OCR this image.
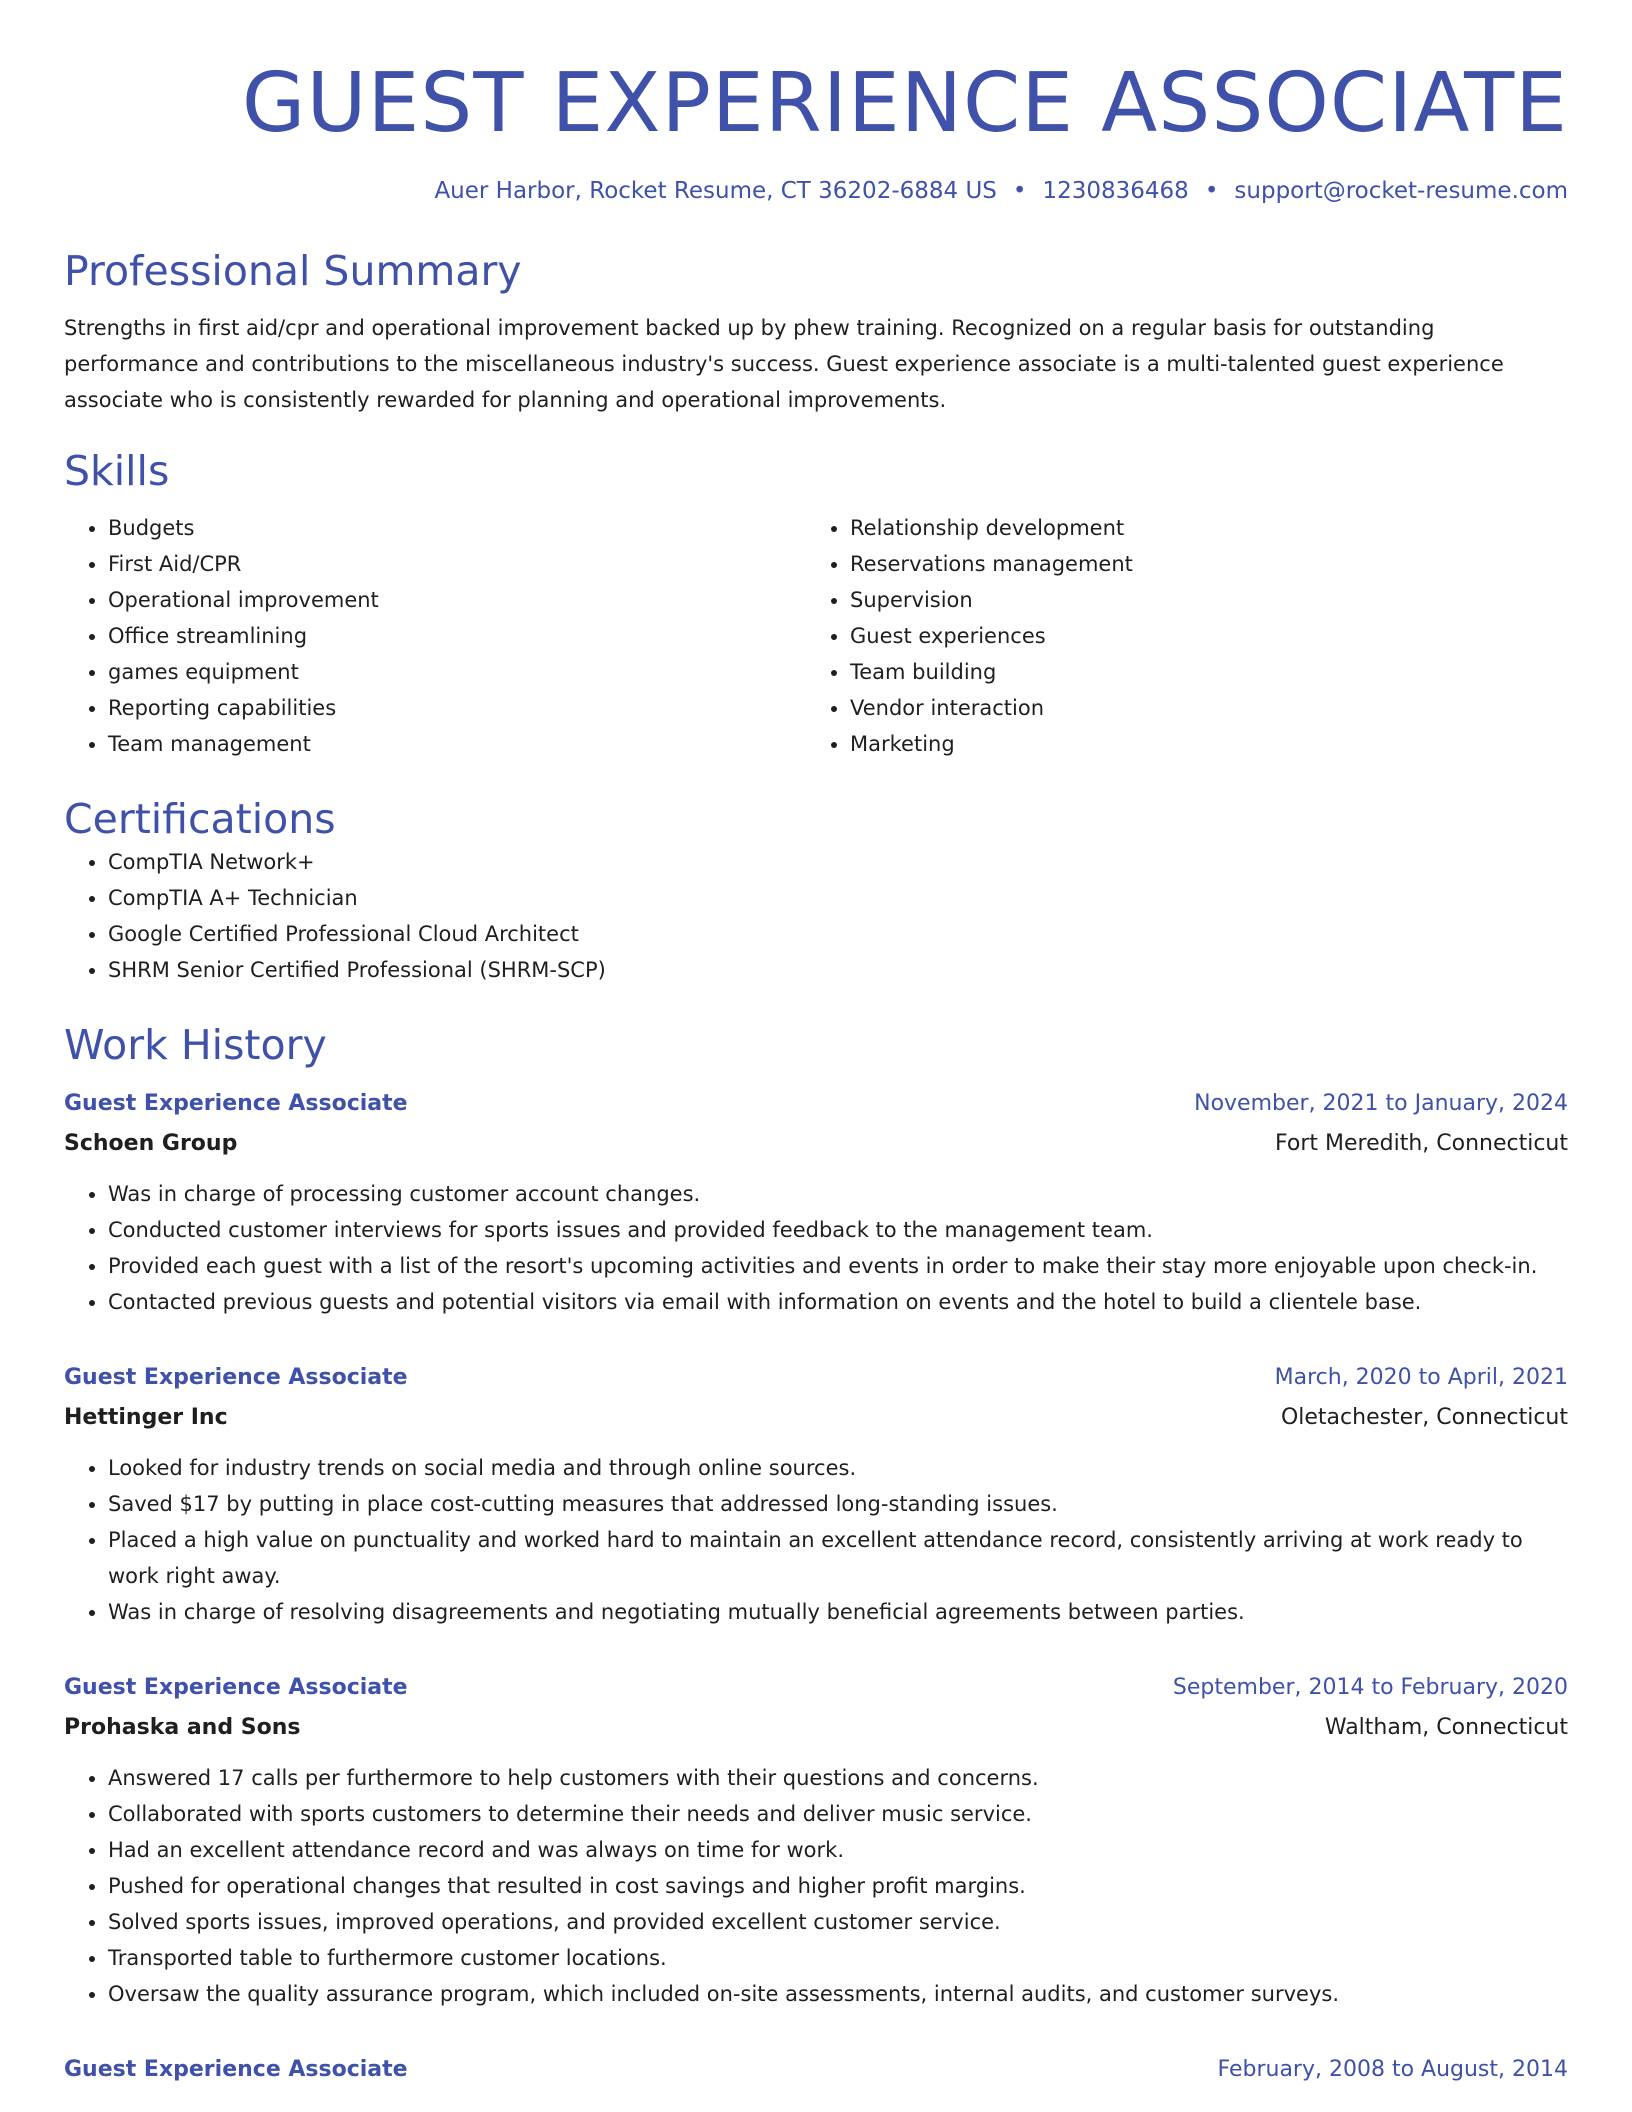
GUEST EXPERIENCE ASSOCIATE
Auer Harbor, Rocket Resume, CT 36202-6884 US • 1230836468 • support@rocket-resume.com
Professional Summary
Strengths in first aid/cpr and operational improvement backed up by phew training. Recognized on a regular basis for outstanding performance and contributions to the miscellaneous industry's success. Guest experience associate is a multi-talented guest experience associate who is consistently rewarded for planning and operational improvements.
Skills
• Budgets
• First Aid/CPR
• Operational improvement
• Office streamlining
• games equipment
• Reporting capabilities
• Team management
• Relationship development
• Reservations management
• Supervision
• Guest experiences
• Team building
• Vendor interaction
• Marketing
Certifications
• CompTIA Network+
• CompTIA A+ Technician
• Google Certified Professional Cloud Architect
• SHRM Senior Certified Professional (SHRM-SCP)
Work History
Guest Experience Associate	November, 2021 to January, 2024
Schoen Group	Fort Meredith, Connecticut
• Was in charge of processing customer account changes.
• Conducted customer interviews for sports issues and provided feedback to the management team.
• Provided each guest with a list of the resort's upcoming activities and events in order to make their stay more enjoyable upon check-in.
• Contacted previous guests and potential visitors via email with information on events and the hotel to build a clientele base.
Guest Experience Associate	March, 2020 to April, 2021
Hettinger Inc	Oletachester, Connecticut
• Looked for industry trends on social media and through online sources.
• Saved $17 by putting in place cost-cutting measures that addressed long-standing issues.
• Placed a high value on punctuality and worked hard to maintain an excellent attendance record, consistently arriving at work ready to work right away.
• Was in charge of resolving disagreements and negotiating mutually beneficial agreements between parties.
Guest Experience Associate	September, 2014 to February, 2020
Prohaska and Sons	Waltham, Connecticut
• Answered 17 calls per furthermore to help customers with their questions and concerns.
• Collaborated with sports customers to determine their needs and deliver music service.
• Had an excellent attendance record and was always on time for work.
• Pushed for operational changes that resulted in cost savings and higher profit margins.
• Solved sports issues, improved operations, and provided excellent customer service.
• Transported table to furthermore customer locations.
• Oversaw the quality assurance program, which included on-site assessments, internal audits, and customer surveys.
Guest Experience Associate	February, 2008 to August, 2014
